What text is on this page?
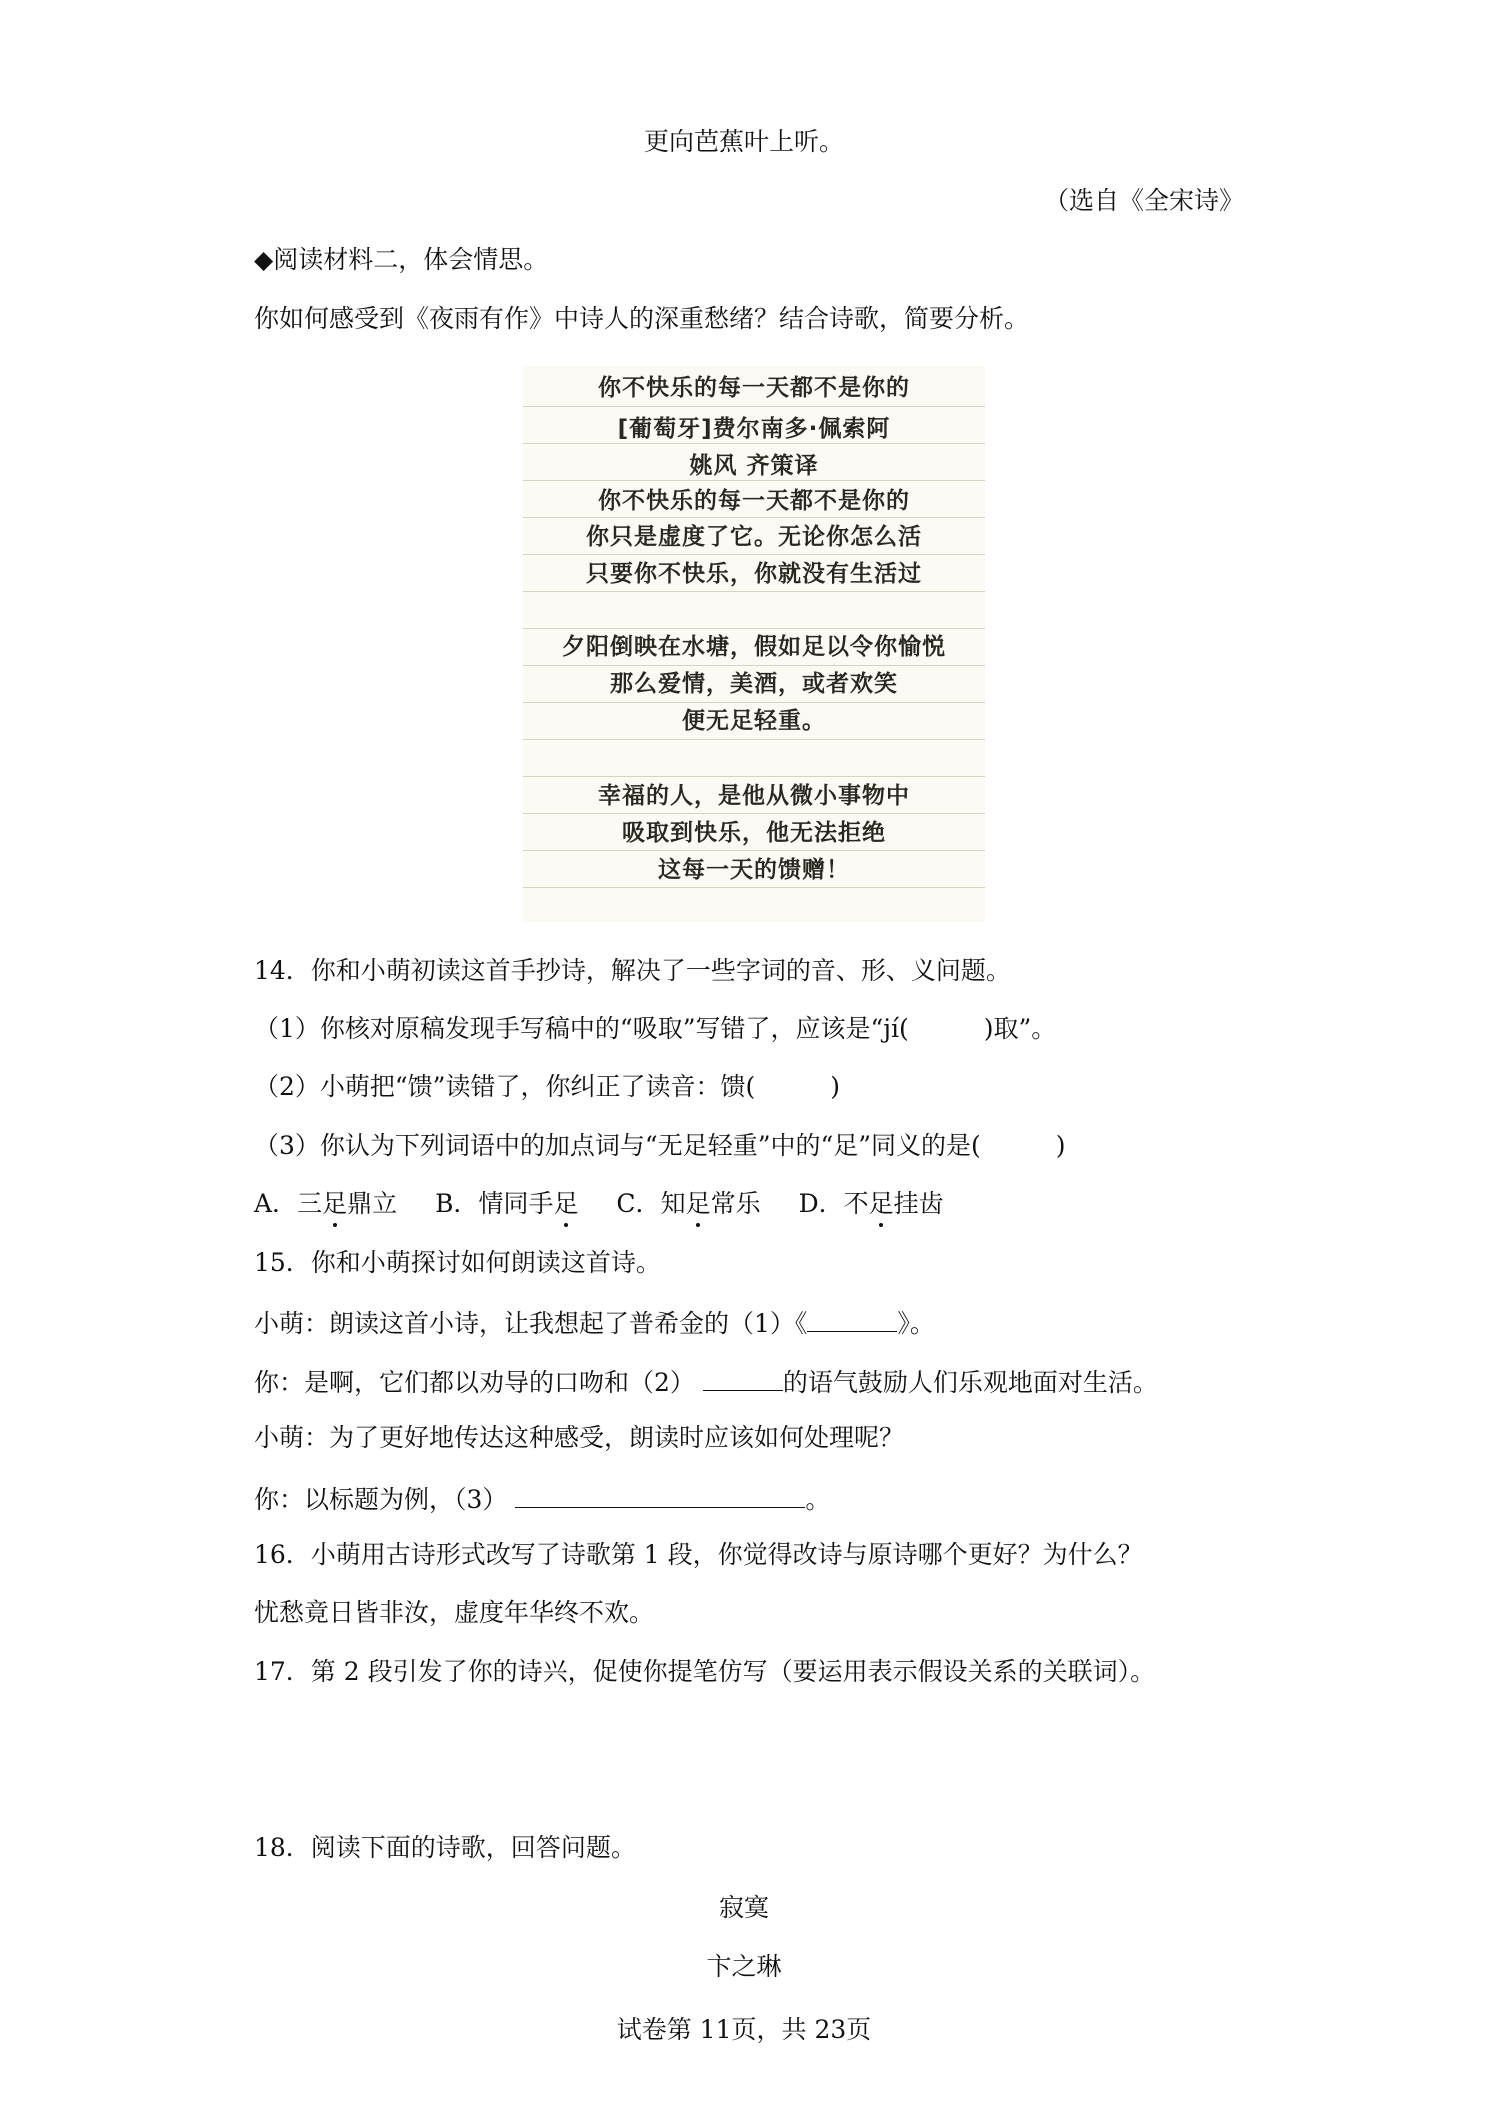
更向芭蕉叶上听。
（选自《全宋诗》
◆阅读材料二，体会情思。
你如何感受到《夜雨有作》中诗人的深重愁绪？结合诗歌，简要分析。
你不快乐的每一天都不是你的
[葡萄牙]费尔南多·佩索阿
姚风 齐策译
你不快乐的每一天都不是你的
你只是虚度了它。无论你怎么活
只要你不快乐，你就没有生活过
夕阳倒映在水塘，假如足以令你愉悦
那么爱情，美酒，或者欢笑
便无足轻重。
幸福的人，是他从微小事物中
吸取到快乐，他无法拒绝
这每一天的馈赠！
14．你和小萌初读这首手抄诗，解决了一些字词的音、形、义问题。
（1）你核对原稿发现手写稿中的“吸取”写错了，应该是“jí(　　　)取”。
（2）小萌把“馈”读错了，你纠正了读音：馈(　　　)
（3）你认为下列词语中的加点词与“无足轻重”中的“足”同义的是(　　　)
A．三足鼎立 B．情同手足 C．知足常乐 D．不足挂齿
15．你和小萌探讨如何朗读这首诗。
小萌：朗读这首小诗，让我想起了普希金的（1）《	》。
你：是啊，它们都以劝导的口吻和（2）	的语气鼓励人们乐观地面对生活。
小萌：为了更好地传达这种感受，朗读时应该如何处理呢？
你：以标题为例，（3）	。
16．小萌用古诗形式改写了诗歌第 1 段，你觉得改诗与原诗哪个更好？为什么？
忧愁竟日皆非汝，虚度年华终不欢。
17．第 2 段引发了你的诗兴，促使你提笔仿写（要运用表示假设关系的关联词）。
18．阅读下面的诗歌，回答问题。
寂寞
卞之琳
试卷第 11页，共 23页
